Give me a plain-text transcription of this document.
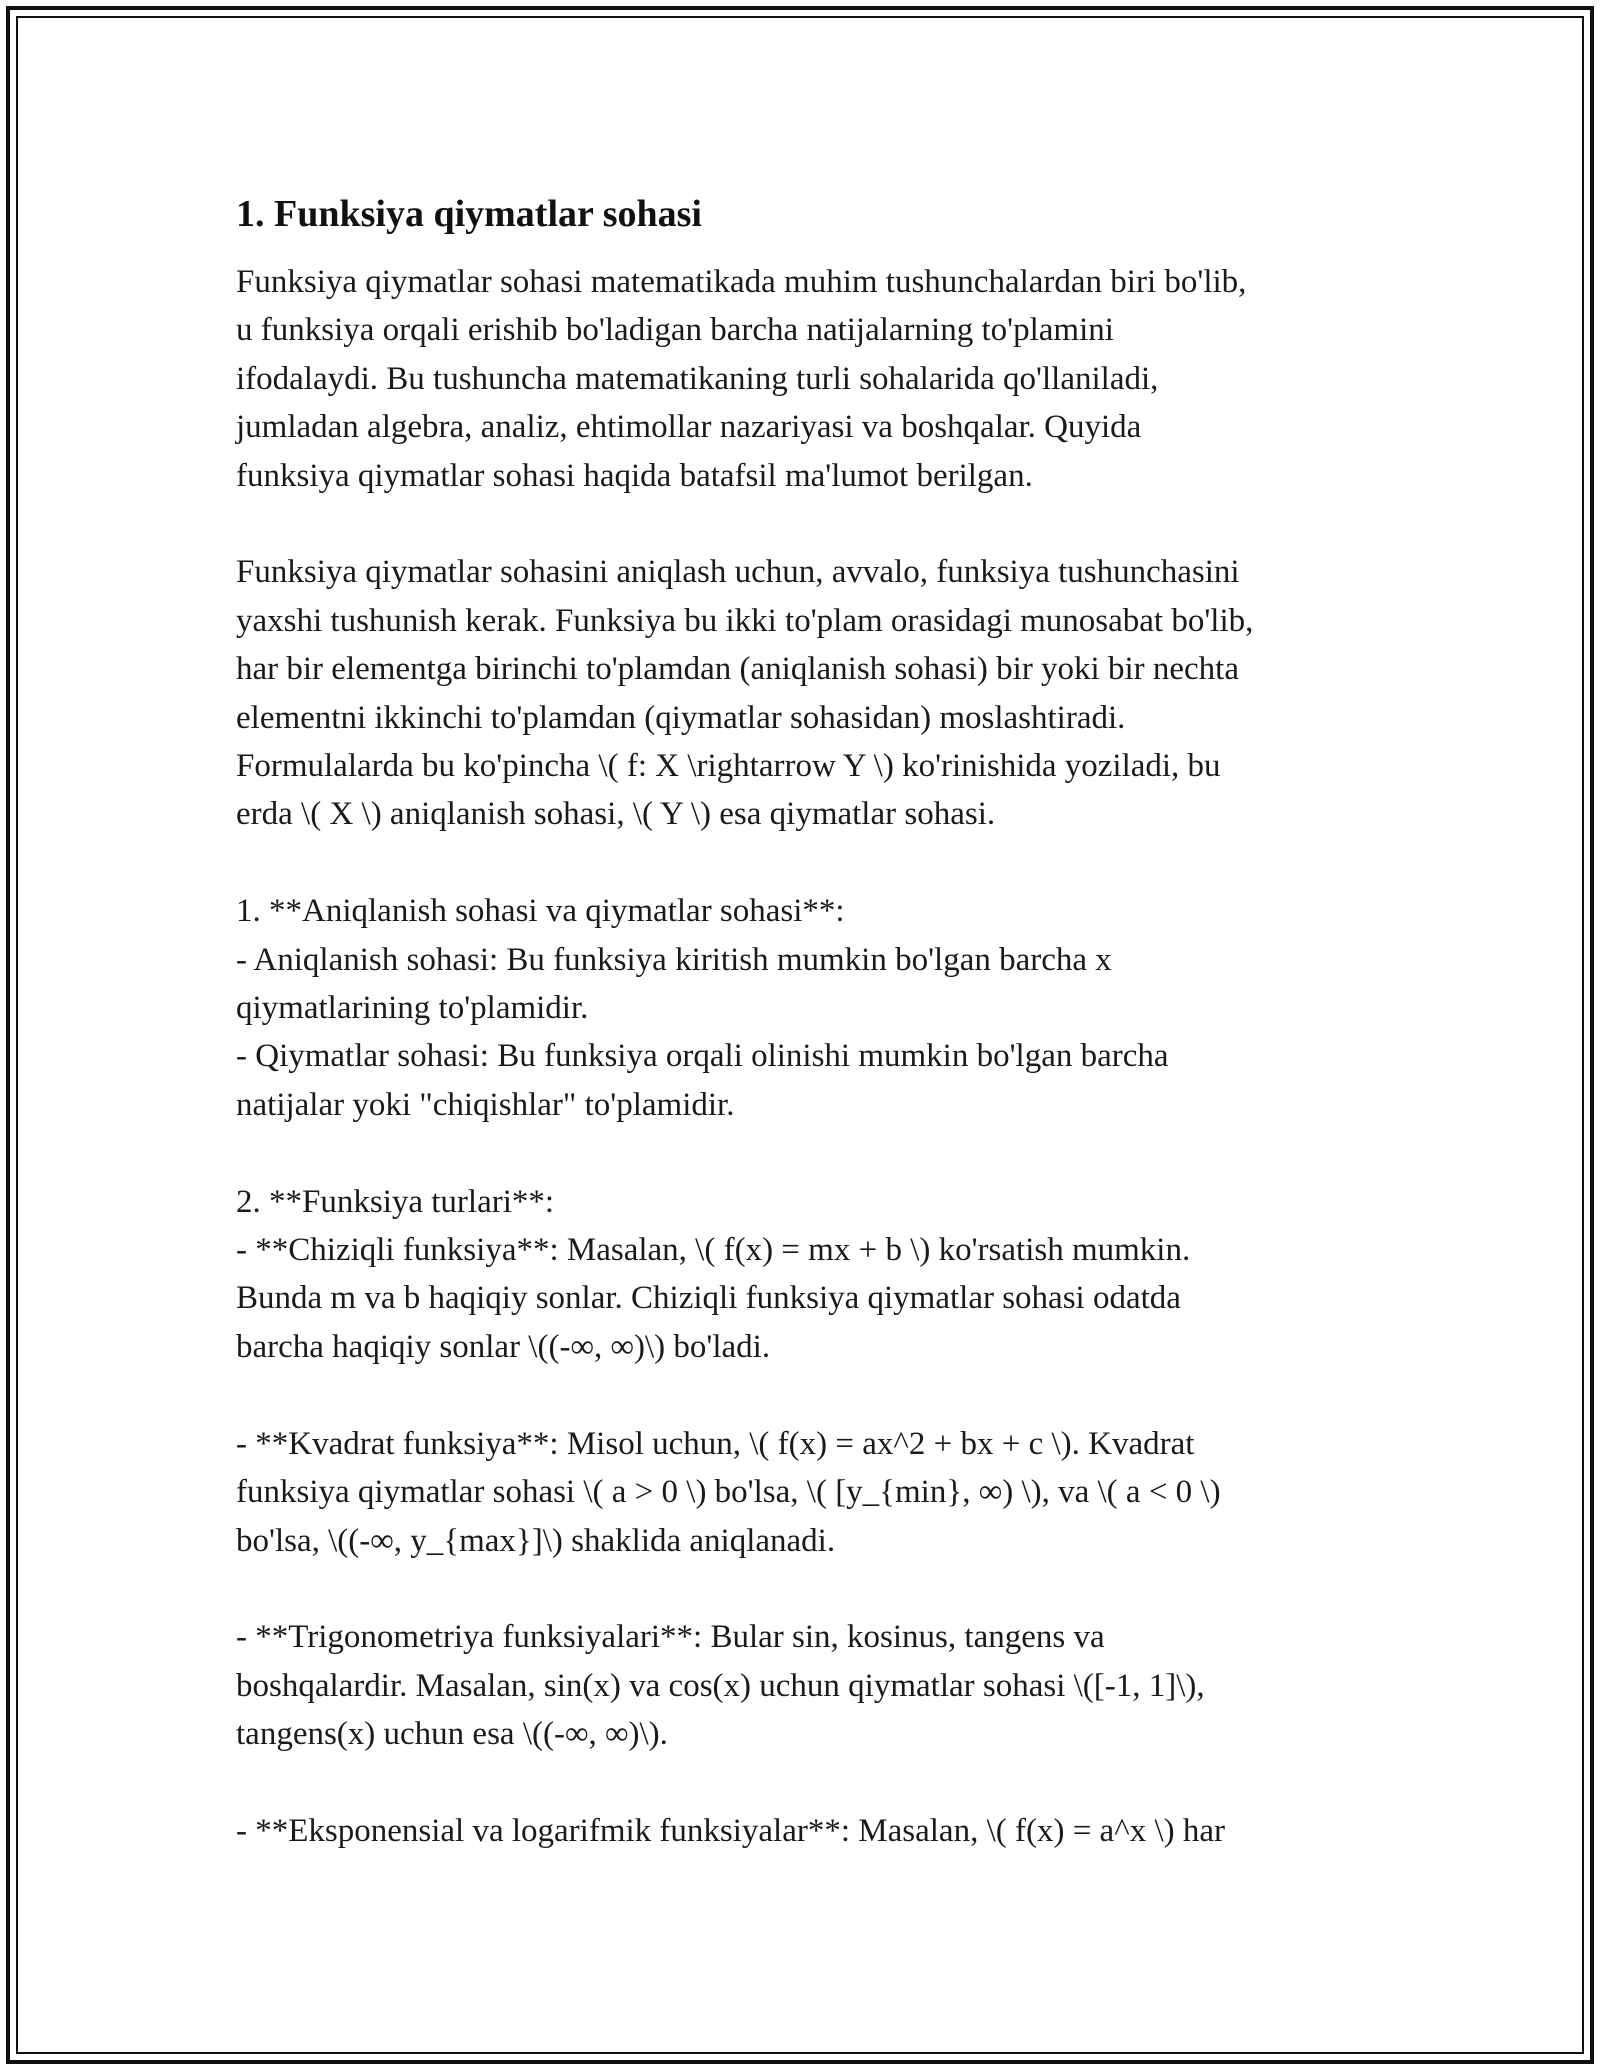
1. Funksiya qiymatlar sohasi

Funksiya qiymatlar sohasi matematikada muhim tushunchalardan biri bo'lib,
u funksiya orqali erishib bo'ladigan barcha natijalarning to'plamini
ifodalaydi. Bu tushuncha matematikaning turli sohalarida qo'llaniladi,
jumladan algebra, analiz, ehtimollar nazariyasi va boshqalar. Quyida
funksiya qiymatlar sohasi haqida batafsil ma'lumot berilgan.

Funksiya qiymatlar sohasini aniqlash uchun, avvalo, funksiya tushunchasini
yaxshi tushunish kerak. Funksiya bu ikki to'plam orasidagi munosabat bo'lib,
har bir elementga birinchi to'plamdan (aniqlanish sohasi) bir yoki bir nechta
elementni ikkinchi to'plamdan (qiymatlar sohasidan) moslashtiradi.
Formulalarda bu ko'pincha \( f: X \rightarrow Y \) ko'rinishida yoziladi, bu
erda \( X \) aniqlanish sohasi, \( Y \) esa qiymatlar sohasi.

1. **Aniqlanish sohasi va qiymatlar sohasi**:
- Aniqlanish sohasi: Bu funksiya kiritish mumkin bo'lgan barcha x
qiymatlarining to'plamidir.
- Qiymatlar sohasi: Bu funksiya orqali olinishi mumkin bo'lgan barcha
natijalar yoki "chiqishlar" to'plamidir.

2. **Funksiya turlari**:
- **Chiziqli funksiya**: Masalan, \( f(x) = mx + b \) ko'rsatish mumkin.
Bunda m va b haqiqiy sonlar. Chiziqli funksiya qiymatlar sohasi odatda
barcha haqiqiy sonlar \((-∞, ∞)\) bo'ladi.

- **Kvadrat funksiya**: Misol uchun, \( f(x) = ax^2 + bx + c \). Kvadrat
funksiya qiymatlar sohasi \( a > 0 \) bo'lsa, \( [y_{min}, ∞) \), va \( a < 0 \)
bo'lsa, \((-∞, y_{max}]\) shaklida aniqlanadi.

- **Trigonometriya funksiyalari**: Bular sin, kosinus, tangens va
boshqalardir. Masalan, sin(x) va cos(x) uchun qiymatlar sohasi \([-1, 1]\),
tangens(x) uchun esa \((-∞, ∞)\).

- **Eksponensial va logarifmik funksiyalar**: Masalan, \( f(x) = a^x \) har
